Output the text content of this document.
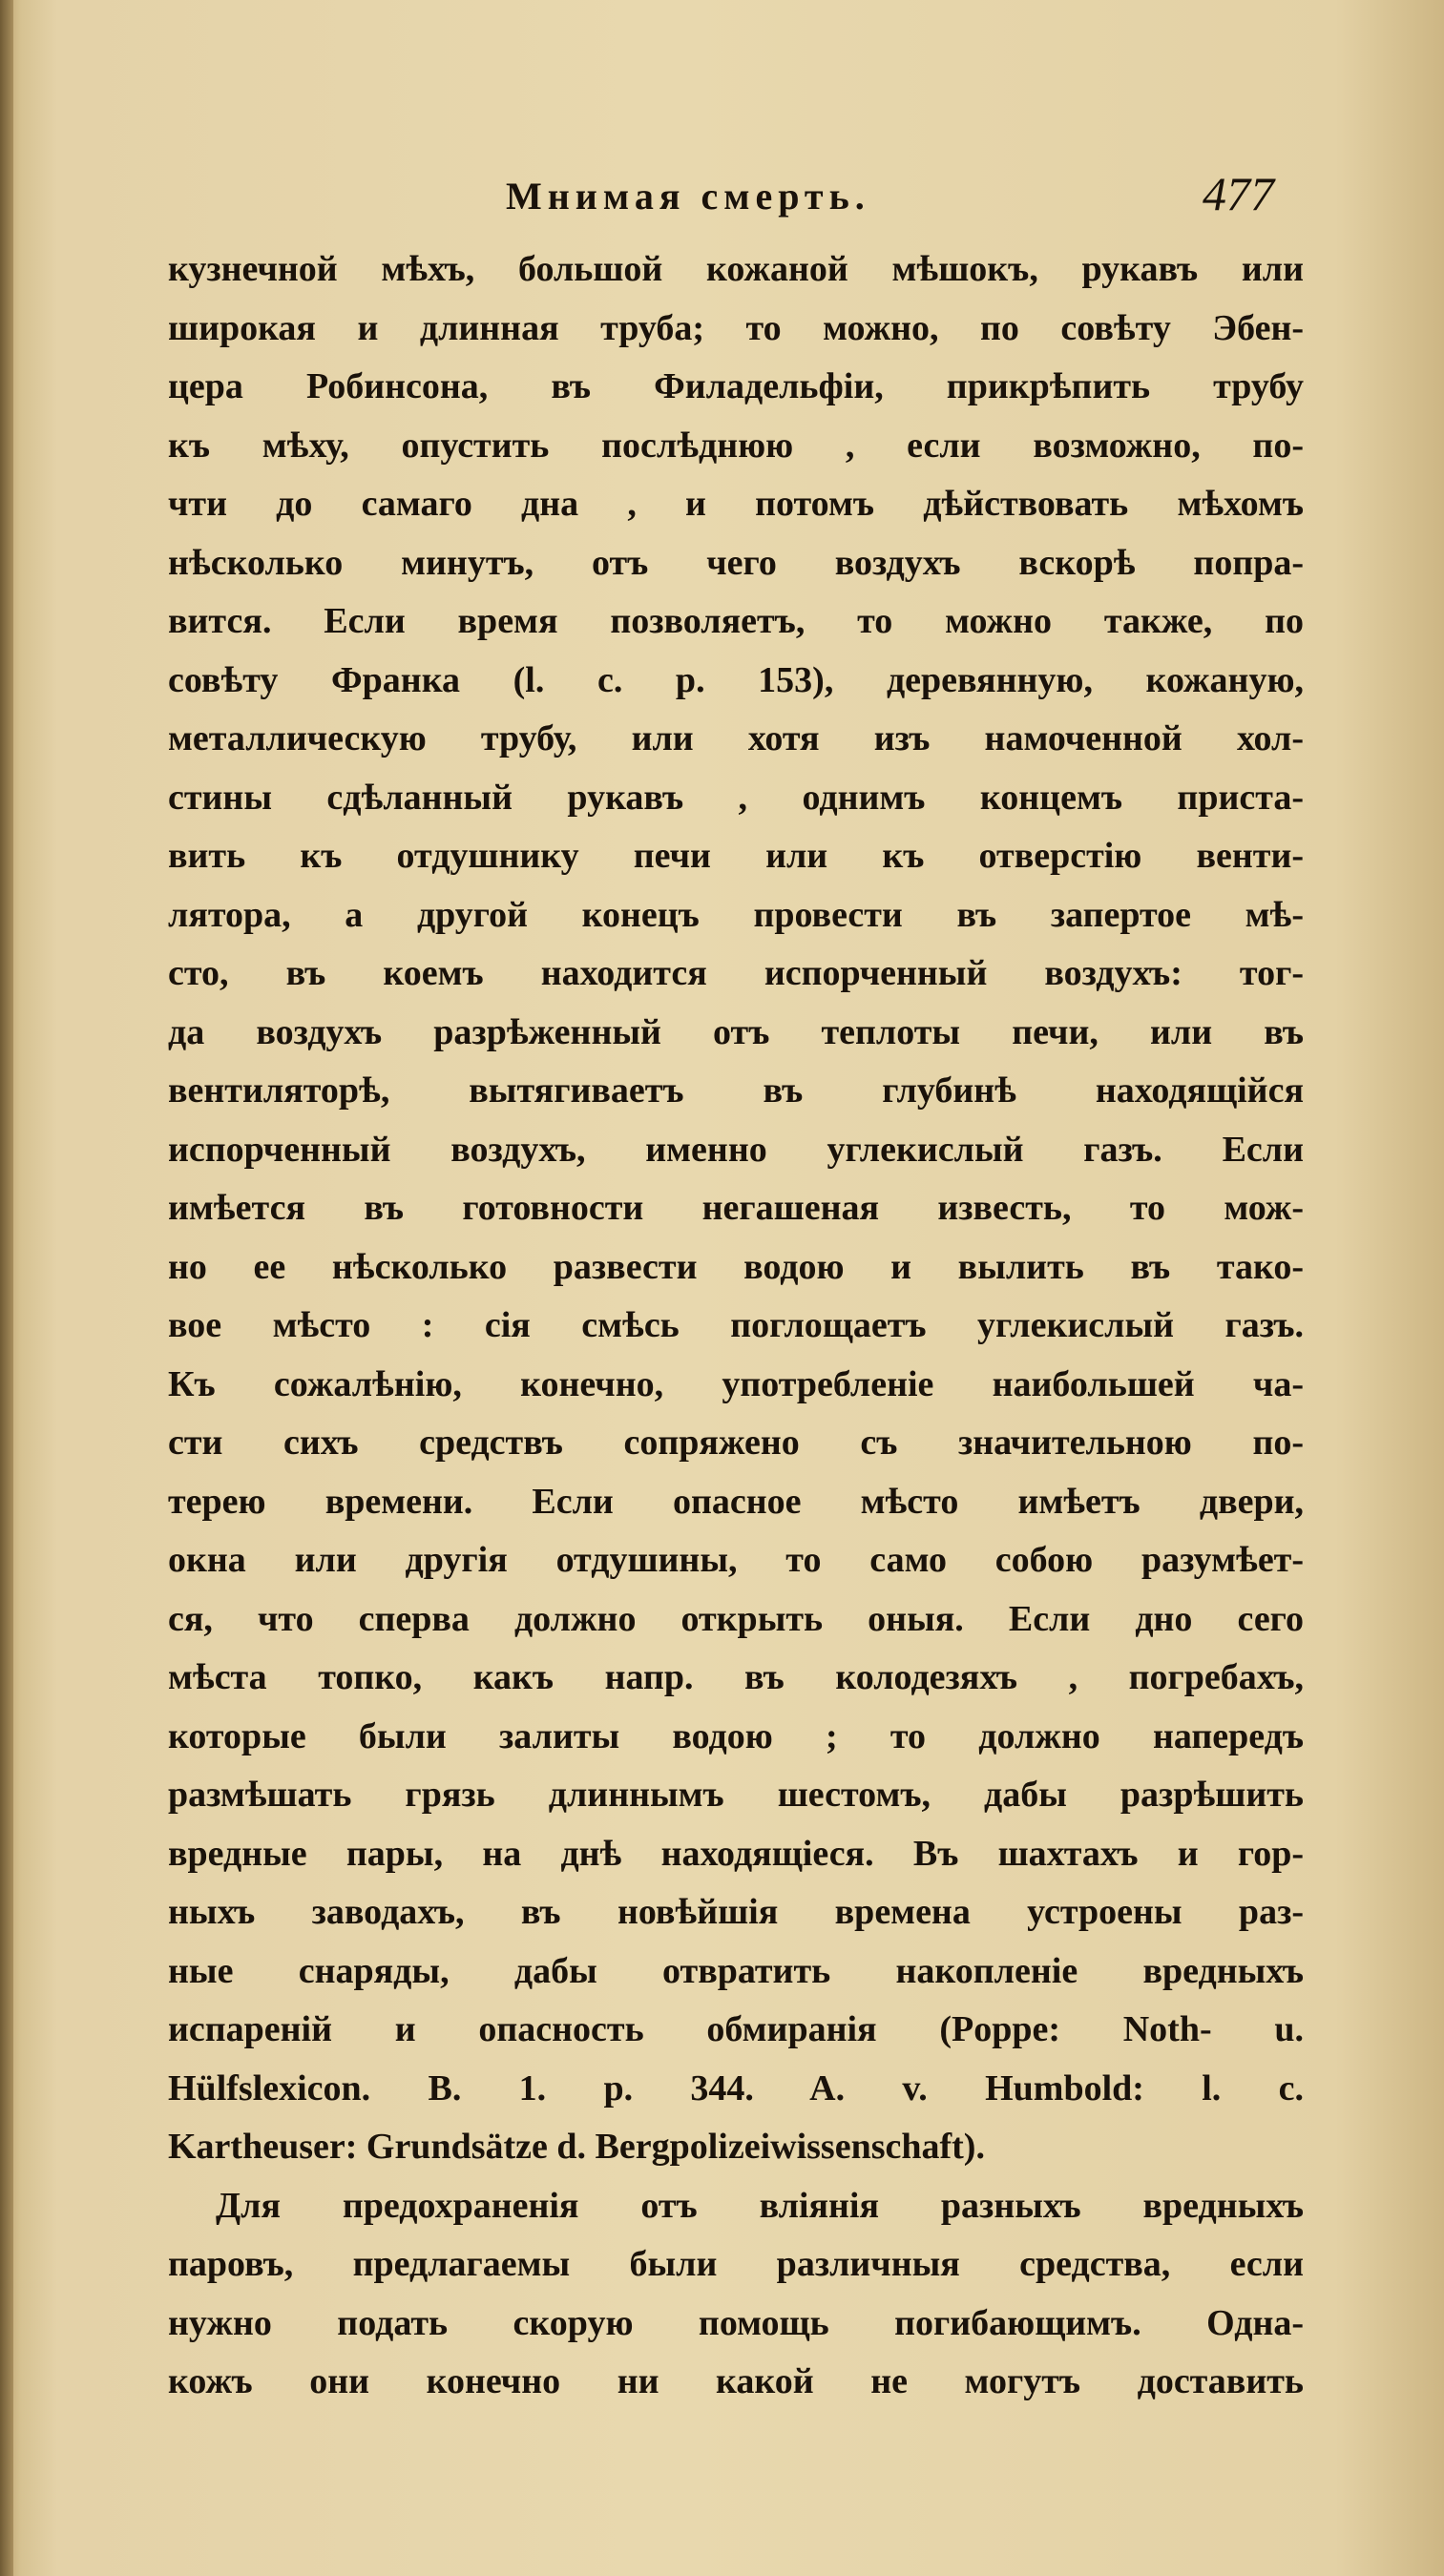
Мнимая смерть.	477
кузнечной мѣхъ, большой кожаной мѣшокъ, рукавъ или
широкая и длинная труба; то можно, по совѣту Эбен-
цера Робинсона, въ Филадельфіи, прикрѣпить трубу
къ мѣху, опустить послѣднюю , если возможно, по-
чти до самаго дна , и потомъ дѣйствовать мѣхомъ
нѣсколько минутъ, отъ чего воздухъ вскорѣ попра-
вится. Если время позволяетъ, то можно также, по
совѣту Франка (l. c. p. 153), деревянную, кожаную,
металлическую трубу, или хотя изъ намоченной хол-
стины сдѣланный рукавъ , однимъ концемъ приста-
вить къ отдушнику печи или къ отверстію венти-
лятора, а другой конецъ провести въ запертое мѣ-
сто, въ коемъ находится испорченный воздухъ: тог-
да воздухъ разрѣженный отъ теплоты печи, или въ
вентиляторѣ, вытягиваетъ въ глубинѣ находящійся
испорченный воздухъ, именно углекислый газъ. Если
имѣется въ готовности негашеная известь, то мож-
но ее нѣсколько развести водою и вылить въ тако-
вое мѣсто : сія смѣсь поглощаетъ углекислый газъ.
Къ сожалѣнію, конечно, употребленіе наибольшей ча-
сти сихъ средствъ сопряжено съ значительною по-
терею времени. Если опасное мѣсто имѣетъ двери,
окна или другія отдушины, то само собою разумѣет-
ся, что сперва должно открыть оныя. Если дно сего
мѣста топко, какъ напр. въ колодезяхъ , погребахъ,
которые были залиты водою ; то должно напередъ
размѣшать грязь длиннымъ шестомъ, дабы разрѣшить
вредные пары, на днѣ находящіеся. Въ шахтахъ и гор-
ныхъ заводахъ, въ новѣйшія времена устроены раз-
ные снаряды, дабы отвратить накопленіе вредныхъ
испареній и опасность обмиранія (Poppe: Noth- u.
Hülfslexicon. B. 1. p. 344. A. v. Humbold: l. c.
Kartheuser: Grundsätze d. Bergpolizeiwissenschaft).
Для предохраненія отъ вліянія разныхъ вредныхъ
паровъ, предлагаемы были различныя средства, если
нужно подать скорую помощь погибающимъ. Одна-
кожъ они конечно ни какой не могутъ доставить
